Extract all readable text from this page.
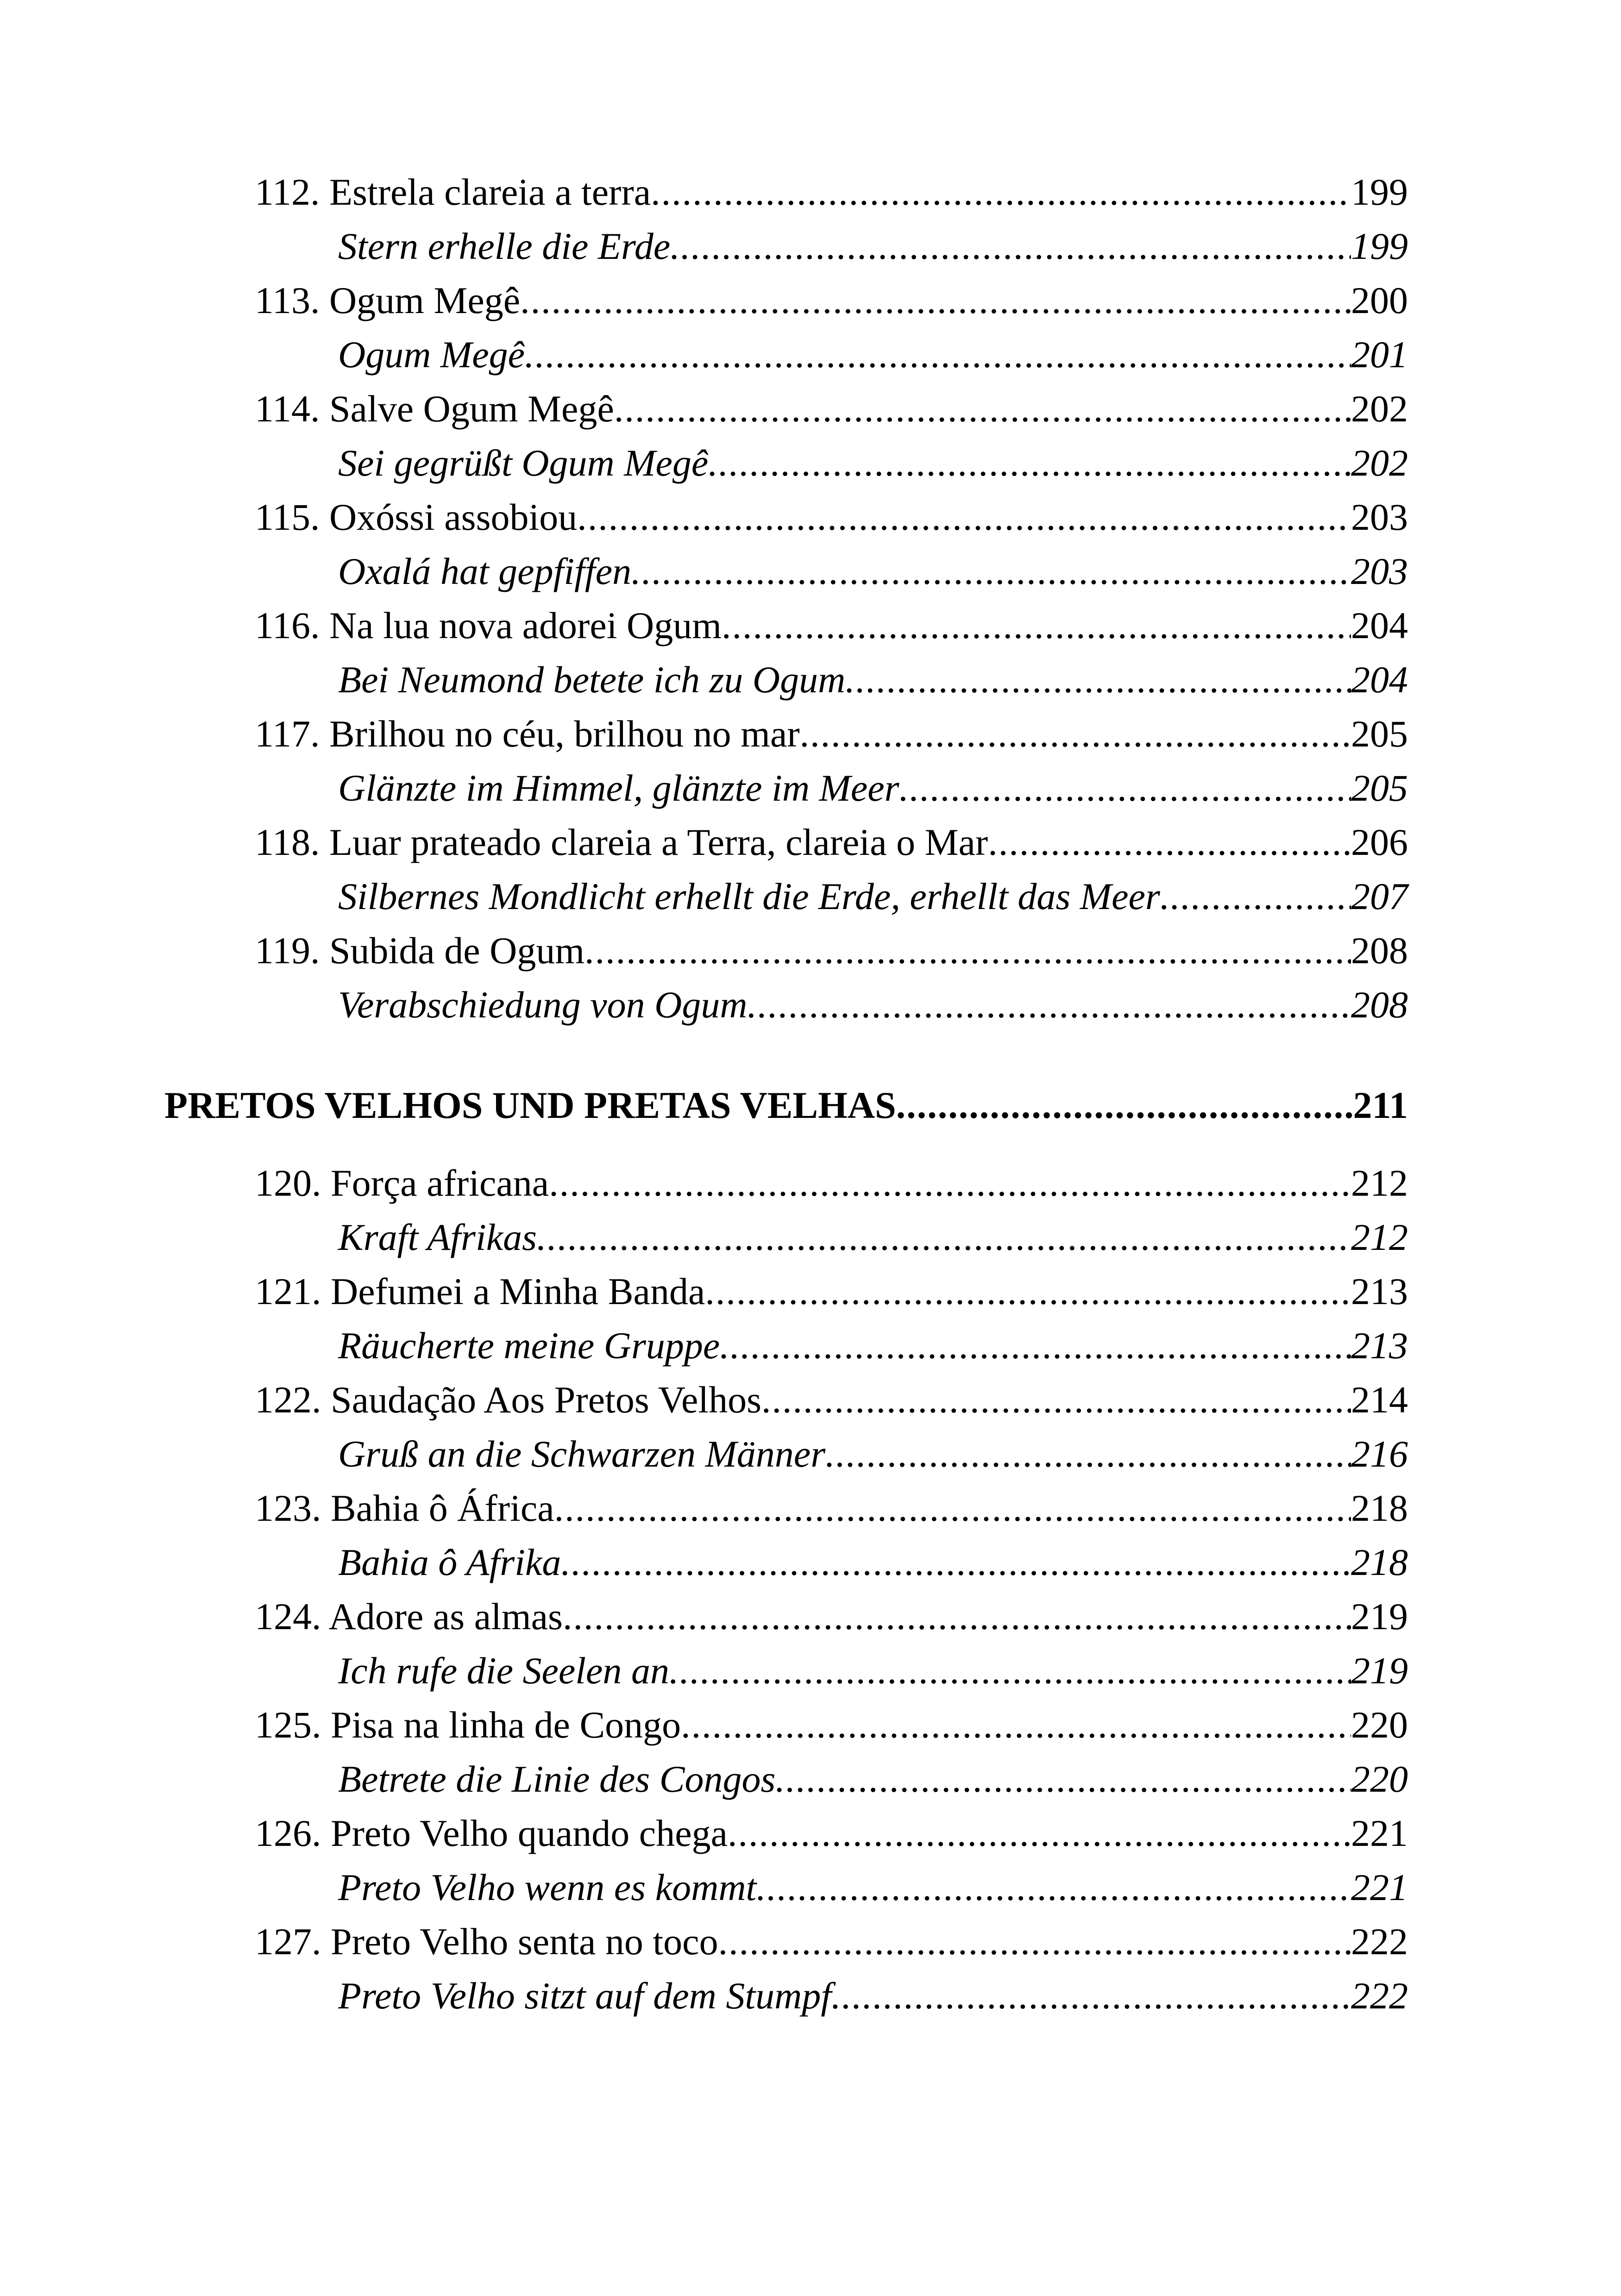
112. Estrela clareia a terra .....	199
Stern erhelle die Erde .....	199
113. Ogum Megê .....	200
Ogum Megê .....	201
114. Salve Ogum Megê .....	202
Sei gegrüßt Ogum Megê .....	202
115. Oxóssi assobiou .....	203
Oxalá hat gepfiffen .....	203
116. Na lua nova adorei Ogum .....	204
Bei Neumond betete ich zu Ogum .....	204
117. Brilhou no céu, brilhou no mar .....	205
Glänzte im Himmel, glänzte im Meer .....	205
118. Luar prateado clareia a Terra, clareia o Mar .....	206
Silbernes Mondlicht erhellt die Erde, erhellt das Meer .....	207
119. Subida de Ogum .....	208
Verabschiedung von Ogum .....	208
PRETOS VELHOS UND PRETAS VELHAS .....	211
120. Força africana .....	212
Kraft Afrikas .....	212
121. Defumei a Minha Banda .....	213
Räucherte meine Gruppe .....	213
122. Saudação Aos Pretos Velhos .....	214
Gruß an die Schwarzen Männer .....	216
123. Bahia ô África .....	218
Bahia ô Afrika .....	218
124. Adore as almas .....	219
Ich rufe die Seelen an .....	219
125. Pisa na linha de Congo .....	220
Betrete die Linie des Congos .....	220
126. Preto Velho quando chega .....	221
Preto Velho wenn es kommt .....	221
127. Preto Velho senta no toco .....	222
Preto Velho sitzt auf dem Stumpf .....	222
